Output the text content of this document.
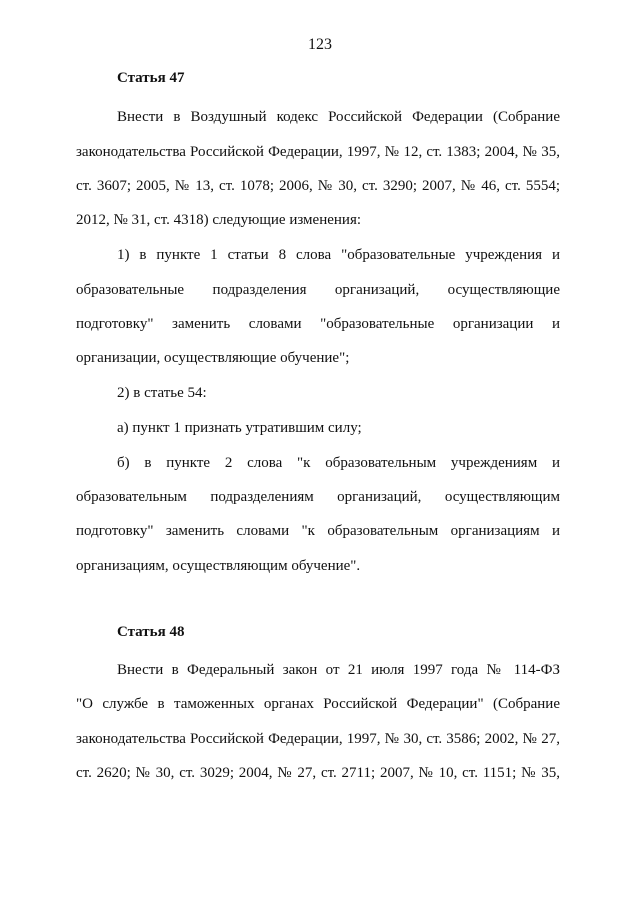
123
Статья 47
Внести в Воздушный кодекс Российской Федерации (Собрание
законодательства Российской Федерации, 1997, № 12, ст. 1383; 2004, № 35,
ст. 3607; 2005, № 13, ст. 1078; 2006, № 30, ст. 3290; 2007, № 46, ст. 5554;
2012, № 31, ст. 4318) следующие изменения:
1) в пункте 1 статьи 8 слова "образовательные учреждения и
образовательные подразделения организаций, осуществляющие
подготовку" заменить словами "образовательные организации и
организации, осуществляющие обучение";
2) в статье 54:
а) пункт 1 признать утратившим силу;
б) в пункте 2 слова "к образовательным учреждениям и
образовательным подразделениям организаций, осуществляющим
подготовку" заменить словами "к образовательным организациям и
организациям, осуществляющим обучение".
Статья 48
Внести в Федеральный закон от 21 июля 1997 года № 114-ФЗ
"О службе в таможенных органах Российской Федерации" (Собрание
законодательства Российской Федерации, 1997, № 30, ст. 3586; 2002, № 27,
ст. 2620; № 30, ст. 3029; 2004, № 27, ст. 2711; 2007, № 10, ст. 1151; № 35,
